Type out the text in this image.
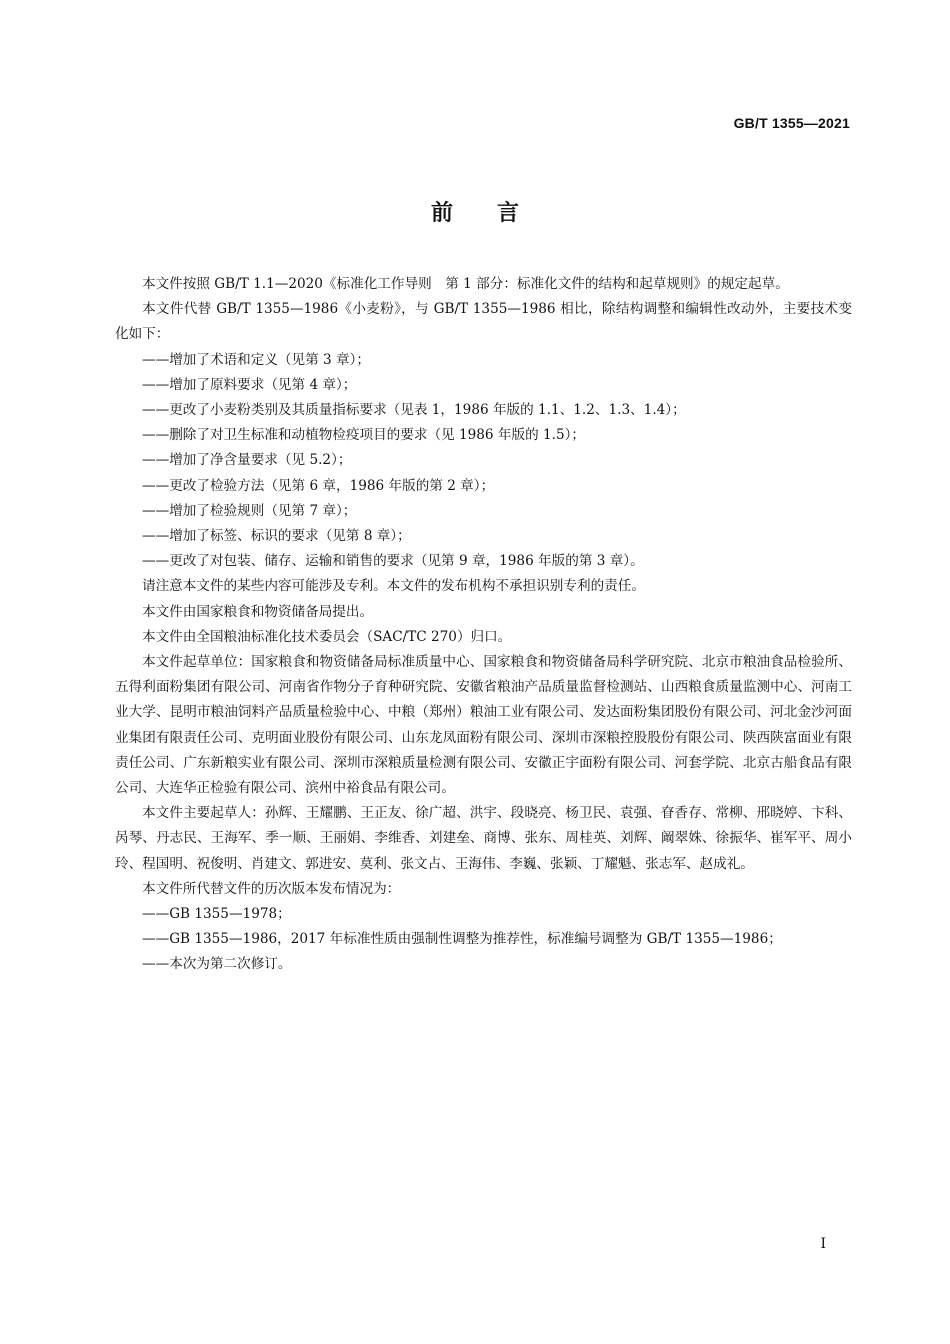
GB/T 1355—2021
前言

本文件按照 GB/T 1.1—2020《标准化工作导则　第 1 部分：标准化文件的结构和起草规则》的规定起草。

本文件代替 GB/T 1355—1986《小麦粉》，与 GB/T 1355—1986 相比，除结构调整和编辑性改动外，主要技术变化如下：

——增加了术语和定义（见第 3 章）；

——增加了原料要求（见第 4 章）；

——更改了小麦粉类别及其质量指标要求（见表 1，1986 年版的 1.1、1.2、1.3、1.4）；

——删除了对卫生标准和动植物检疫项目的要求（见 1986 年版的 1.5）；

——增加了净含量要求（见 5.2）；

——更改了检验方法（见第 6 章，1986 年版的第 2 章）；

——增加了检验规则（见第 7 章）；

——增加了标签、标识的要求（见第 8 章）；

——更改了对包装、储存、运输和销售的要求（见第 9 章，1986 年版的第 3 章）。

请注意本文件的某些内容可能涉及专利。本文件的发布机构不承担识别专利的责任。

本文件由国家粮食和物资储备局提出。

本文件由全国粮油标准化技术委员会（SAC/TC 270）归口。

本文件起草单位：国家粮食和物资储备局标准质量中心、国家粮食和物资储备局科学研究院、北京市粮油食品检验所、五得利面粉集团有限公司、河南省作物分子育种研究院、安徽省粮油产品质量监督检测站、山西粮食质量监测中心、河南工业大学、昆明市粮油饲料产品质量检验中心、中粮（郑州）粮油工业有限公司、发达面粉集团股份有限公司、河北金沙河面业集团有限责任公司、克明面业股份有限公司、山东龙凤面粉有限公司、深圳市深粮控股股份有限公司、陕西陕富面业有限责任公司、广东新粮实业有限公司、深圳市深粮质量检测有限公司、安徽正宇面粉有限公司、河套学院、北京古船食品有限公司、大连华正检验有限公司、滨州中裕食品有限公司。

本文件主要起草人：孙辉、王耀鹏、王正友、徐广超、洪宇、段晓亮、杨卫民、袁强、眘香存、常柳、邢晓婷、卞科、呙琴、丹志民、王海军、季一顺、王丽娟、李维香、刘建垒、商博、张东、周桂英、刘辉、阚翠姝、徐振华、崔军平、周小玲、程国明、祝俊明、肖建文、郭进安、莫利、张文占、王海伟、李巍、张颖、丁耀魁、张志军、赵成礼。

本文件所代替文件的历次版本发布情况为：

——GB 1355—1978；

——GB 1355—1986，2017 年标准性质由强制性调整为推荐性，标准编号调整为 GB/T 1355—1986；

——本次为第二次修订。

I
